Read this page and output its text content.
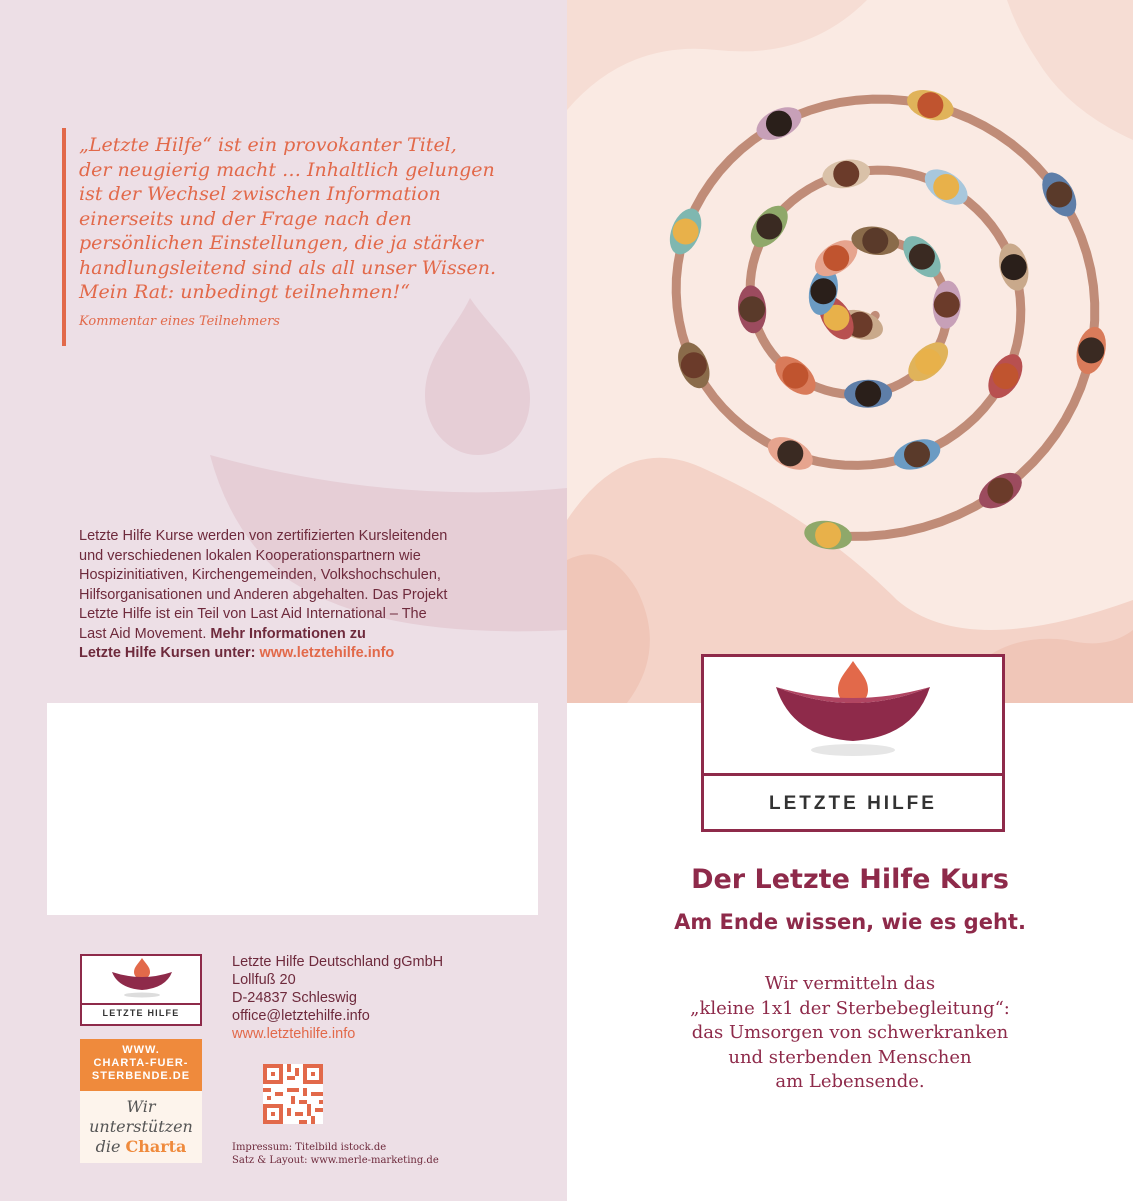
„Letzte Hilfe“ ist ein provokanter Titel,
der neugierig macht … Inhaltlich gelungen
ist der Wechsel zwischen Information
einerseits und der Frage nach den
persönlichen Einstellungen, die ja stärker
handlungsleitend sind als all unser Wissen.
Mein Rat: unbedingt teilnehmen!“

Kommentar eines Teilnehmers
Letzte Hilfe Kurse werden von zertifizierten Kursleitenden
und verschiedenen lokalen Kooperationspartnern wie
Hospizinitiativen, Kirchengemeinden, Volkshochschulen,
Hilfsorganisationen und Anderen abgehalten. Das Projekt
Letzte Hilfe ist ein Teil von Last Aid International – The
Last Aid Movement. Mehr Informationen zu
Letzte Hilfe Kursen unter: www.letztehilfe.info
LETZTE HILFE
WWW.
CHARTA-FUER-
STERBENDE.DE
Wir
unterstützen
die Charta
Letzte Hilfe Deutschland gGmbH
Lollfuß 20
D-24837 Schleswig
office@letztehilfe.info
www.letztehilfe.info
Impressum: Titelbild istock.de
Satz & Layout: www.merle-marketing.de
LETZTE HILFE
Der Letzte Hilfe Kurs
Am Ende wissen, wie es geht.
Wir vermitteln das
„kleine 1x1 der Sterbebegleitung“:
das Umsorgen von schwerkranken
und sterbenden Menschen
am Lebensende.
